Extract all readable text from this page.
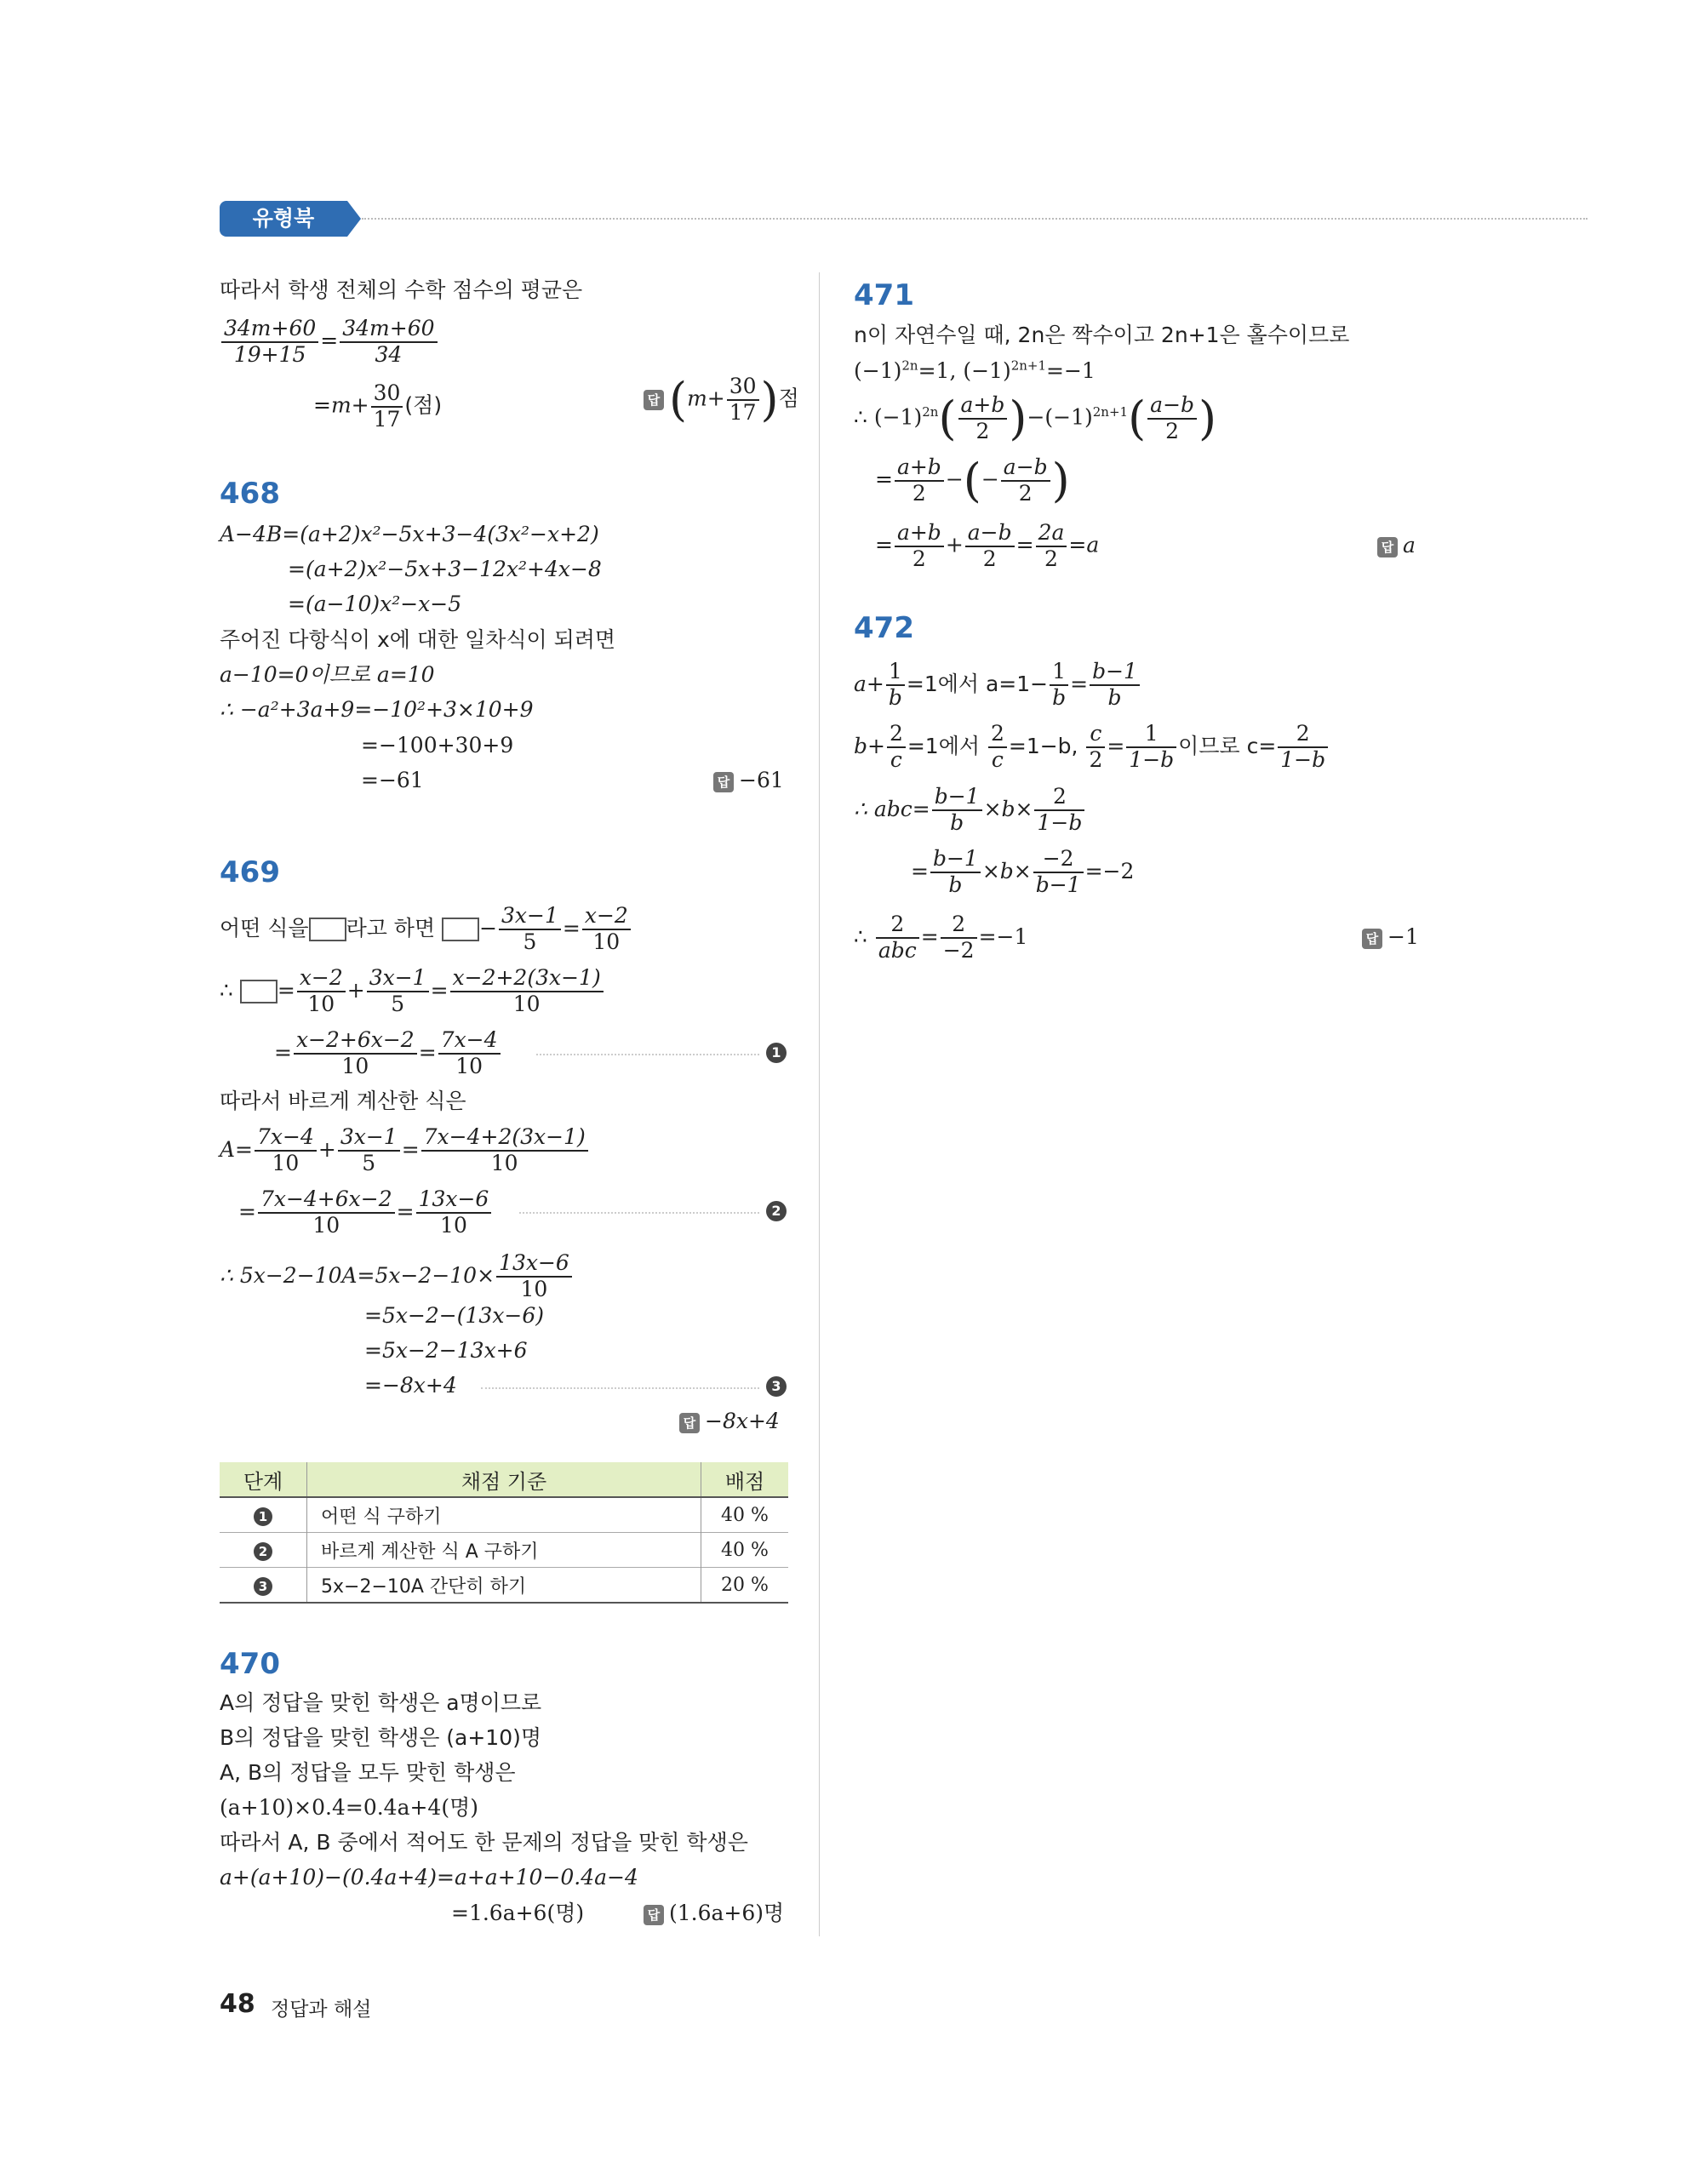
유형북
따라서 학생 전체의 수학 점수의 평균은
$\frac{34m+60}{19+15} = \frac{34m+60}{34}$
$=m+ \frac{30}{17}$ (점)	답 ($m+ \frac{30}{17}$ )점
468
A−4B=(a+2)x²−5x+3−4(3x²−x+2)
=(a+2)x²−5x+3−12x²+4x−8
=(a−10)x²−x−5
주어진 다항식이 x에 대한 일차식이 되려면
a−10=0이므로 a=10
∴ −a²+3a+9=−10²+3×10+9
=−100+30+9
=−61	답 −61
469
어떤 식을 라고 하면 − $\frac{3x-1}{5} = \frac{x-2}{10}$
∴ = $\frac{x-2}{10} + \frac{3x-1}{5} = \frac{x-2+2(3x-1)}{10}$
= $\frac{x-2+6x-2}{10} = \frac{7x-4}{10}$	1
따라서 바르게 계산한 식은
$A= \frac{7x-4}{10} + \frac{3x-1}{5} = \frac{7x-4+2(3x-1)}{10}$
= $\frac{7x-4+6x-2}{10} = \frac{13x-6}{10}$	2
∴ $5x-2-10A=5x-2-10\times \frac{13x-6}{10}$
=5x−2−(13x−6)
=5x−2−13x+6
=−8x+4	3
답 −8x+4
단계	채점 기준	배점
1	어떤 식 구하기	40 %
2	바르게 계산한 식 A 구하기	40 %
3	5x−2−10A 간단히 하기	20 %
470
A의 정답을 맞힌 학생은 a명이므로
B의 정답을 맞힌 학생은 (a+10)명
A, B의 정답을 모두 맞힌 학생은
(a+10)×0.4=0.4a+4(명)
따라서 A, B 중에서 적어도 한 문제의 정답을 맞힌 학생은
a+(a+10)−(0.4a+4)=a+a+10−0.4a−4
=1.6a+6(명)	답 (1.6a+6)명
471
n이 자연수일 때, 2n은 짝수이고 2n+1은 홀수이므로
$(-1)^{2n}=1$, $(-1)^{2n+1}=-1$
∴ $(-1)^{2n}( \frac{a+b}{2} )-(-1)^{2n+1}( \frac{a-b}{2}$ )
= $\frac{a+b}{2}$ −(− $\frac{a-b}{2}$ )
= $\frac{a+b}{2} + \frac{a-b}{2} = \frac{2a}{2} =a$	답 a
472
$a+ \frac{1}{b} =1$에서 $a=1- \frac{1}{b} = \frac{b-1}{b}$
$b+ \frac{2}{c} =1$에서 $\frac{2}{c} =1-b$, $\frac{c}{2} = \frac{1}{1-b}$ 이므로 $c= \frac{2}{1-b}$
∴ $abc= \frac{b-1}{b} \times b\times \frac{2}{1-b}$
= $\frac{b-1}{b} \times b\times \frac{-2}{b-1} =-2$
∴ $\frac{2}{\text{abc}} = \frac{2}{-2} =-1$	답 −1
48 정답과 해설
